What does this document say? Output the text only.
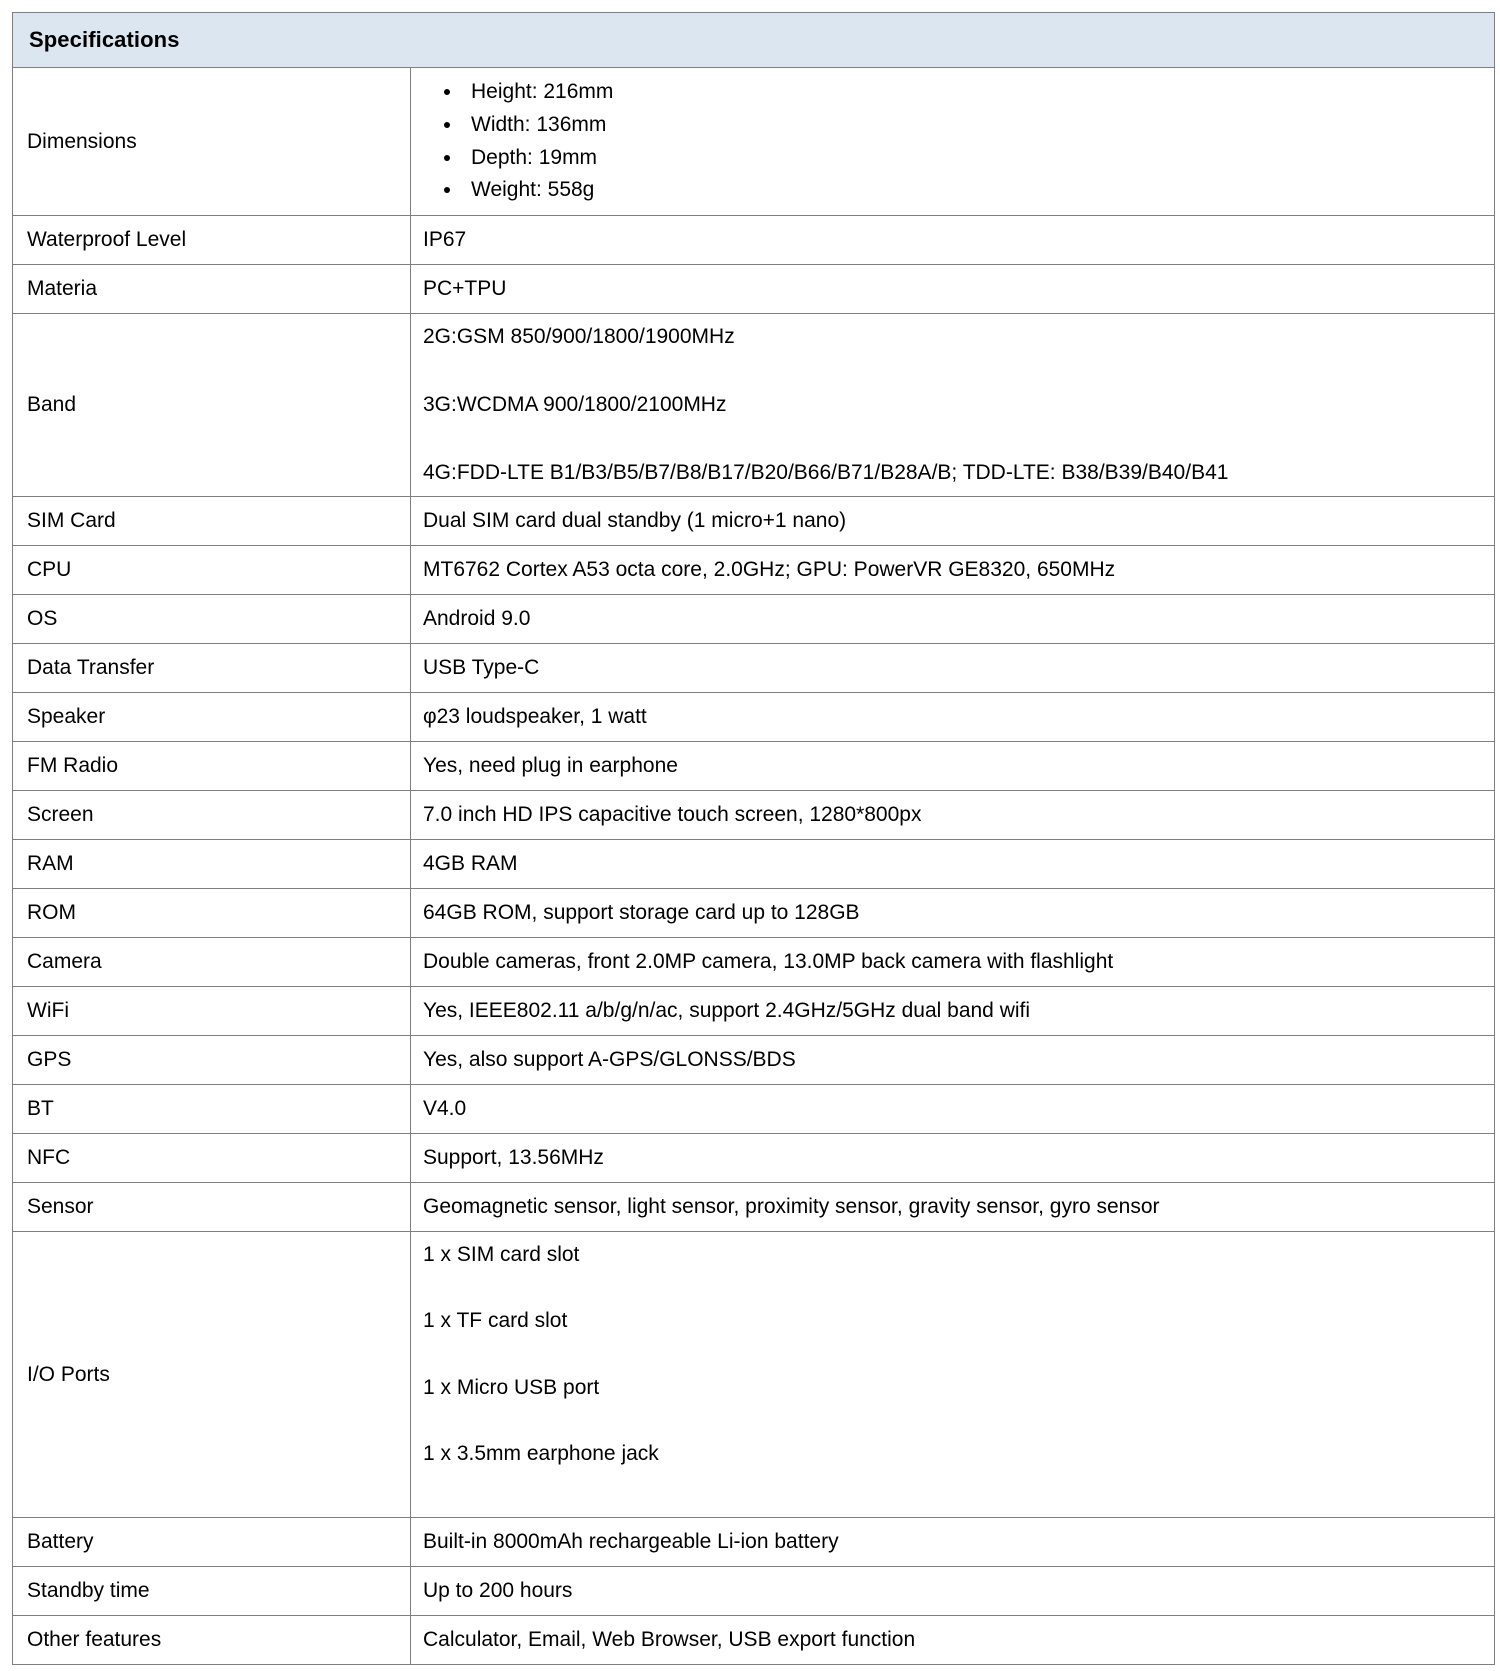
Specifications	
Dimensions	
• Height: 216mm
• Width: 136mm
• Depth: 19mm
• Weight: 558g

Waterproof Level	IP67
Materia	PC+TPU
Band	2G:GSM 850/900/1800/1900MHz

3G:WCDMA 900/1800/2100MHz

4G:FDD-LTE B1/B3/B5/B7/B8/B17/B20/B66/B71/B28A/B; TDD-LTE: B38/B39/B40/B41

SIM Card	Dual SIM card dual standby (1 micro+1 nano)
CPU	MT6762 Cortex A53 octa core, 2.0GHz; GPU: PowerVR GE8320, 650MHz
OS	Android 9.0
Data Transfer	USB Type-C
Speaker	φ23 loudspeaker, 1 watt
FM Radio	Yes, need plug in earphone
Screen	7.0 inch HD IPS capacitive touch screen, 1280*800px
RAM	4GB RAM
ROM	64GB ROM, support storage card up to 128GB
Camera	Double cameras, front 2.0MP camera, 13.0MP back camera with flashlight
WiFi	Yes, IEEE802.11 a/b/g/n/ac, support 2.4GHz/5GHz dual band wifi
GPS	Yes, also support A-GPS/GLONSS/BDS
BT	V4.0
NFC	Support, 13.56MHz
Sensor	Geomagnetic sensor, light sensor, proximity sensor, gravity sensor, gyro sensor
I/O Ports	1 x SIM card slot

1 x TF card slot

1 x Micro USB port

1 x 3.5mm earphone jack

Battery	Built-in 8000mAh rechargeable Li-ion battery
Standby time	Up to 200 hours
Other features	Calculator, Email, Web Browser, USB export function
